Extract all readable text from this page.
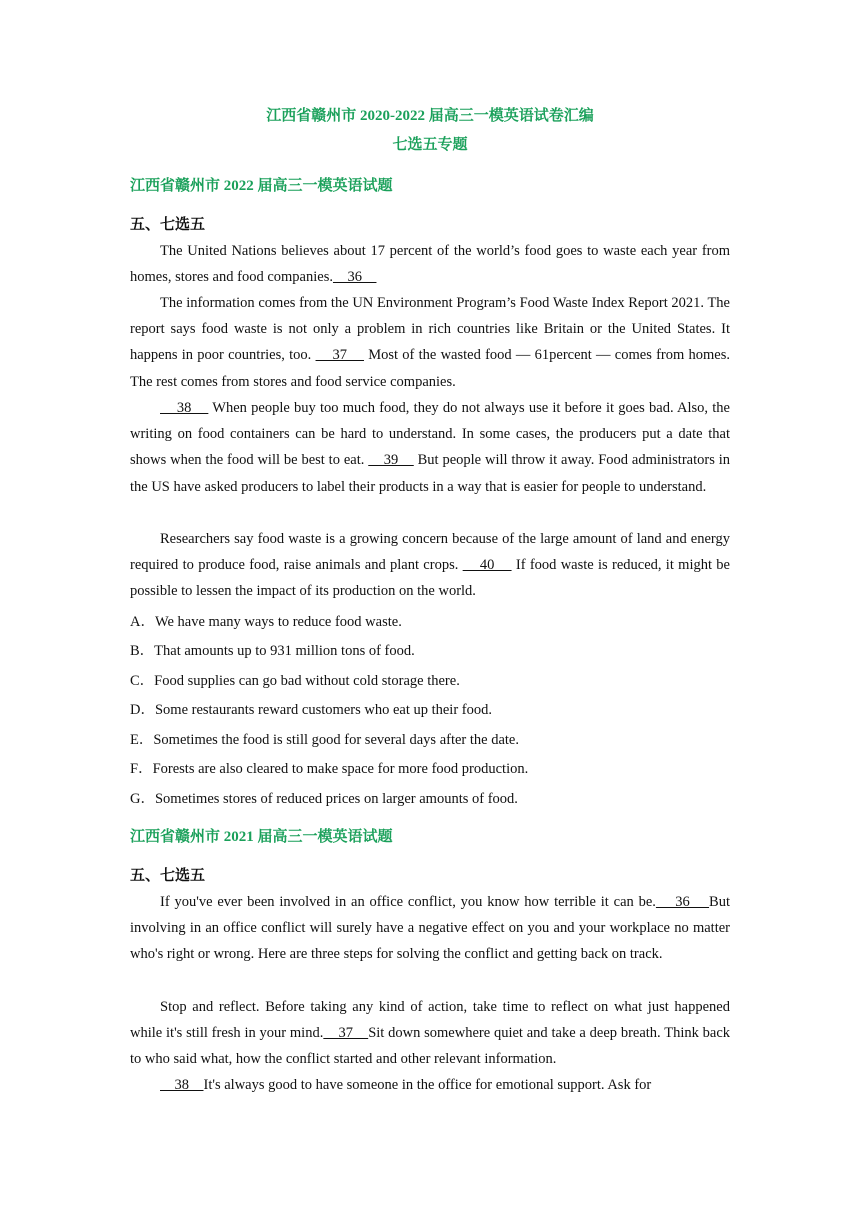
江西省赣州市 2020-2022 届高三一模英语试卷汇编
七选五专题
江西省赣州市 2022 届高三一模英语试题
五、七选五
The United Nations believes about 17 percent of the world’s food goes to waste each year from homes, stores and food companies.    36
The information comes from the UN Environment Program’s Food Waste Index Report 2021. The report says food waste is not only a problem in rich countries like Britain or the United States. It happens in poor countries, too.     37     Most of the wasted food — 61percent — comes from homes. The rest comes from stores and food service companies.
38     When people buy too much food, they do not always use it before it goes bad. Also, the writing on food containers can be hard to understand. In some cases, the producers put a date that shows when the food will be best to eat.     39     But people will throw it away. Food administrators in the US have asked producers to label their products in a way that is easier for people to understand.
Researchers say food waste is a growing concern because of the large amount of land and energy required to produce food, raise animals and plant crops.     40     If food waste is reduced, it might be possible to lessen the impact of its production on the world.
A．We have many ways to reduce food waste.
B．That amounts up to 931 million tons of food.
C．Food supplies can go bad without cold storage there.
D．Some restaurants reward customers who eat up their food.
E．Sometimes the food is still good for several days after the date.
F．Forests are also cleared to make space for more food production.
G．Sometimes stores of reduced prices on larger amounts of food.
江西省赣州市 2021 届高三一模英语试题
五、七选五
If you've ever been involved in an office conflict, you know how terrible it can be.    36    But involving in an office conflict will surely have a negative effect on you and your workplace no matter who's right or wrong. Here are three steps for solving the conflict and getting back on track.
Stop and reflect. Before taking any kind of action, take time to reflect on what just happened while it's still fresh in your mind.    37    Sit down somewhere quiet and take a deep breath. Think back to who said what, how the conflict started and other relevant information.
38    It's always good to have someone in the office for emotional support. Ask for
